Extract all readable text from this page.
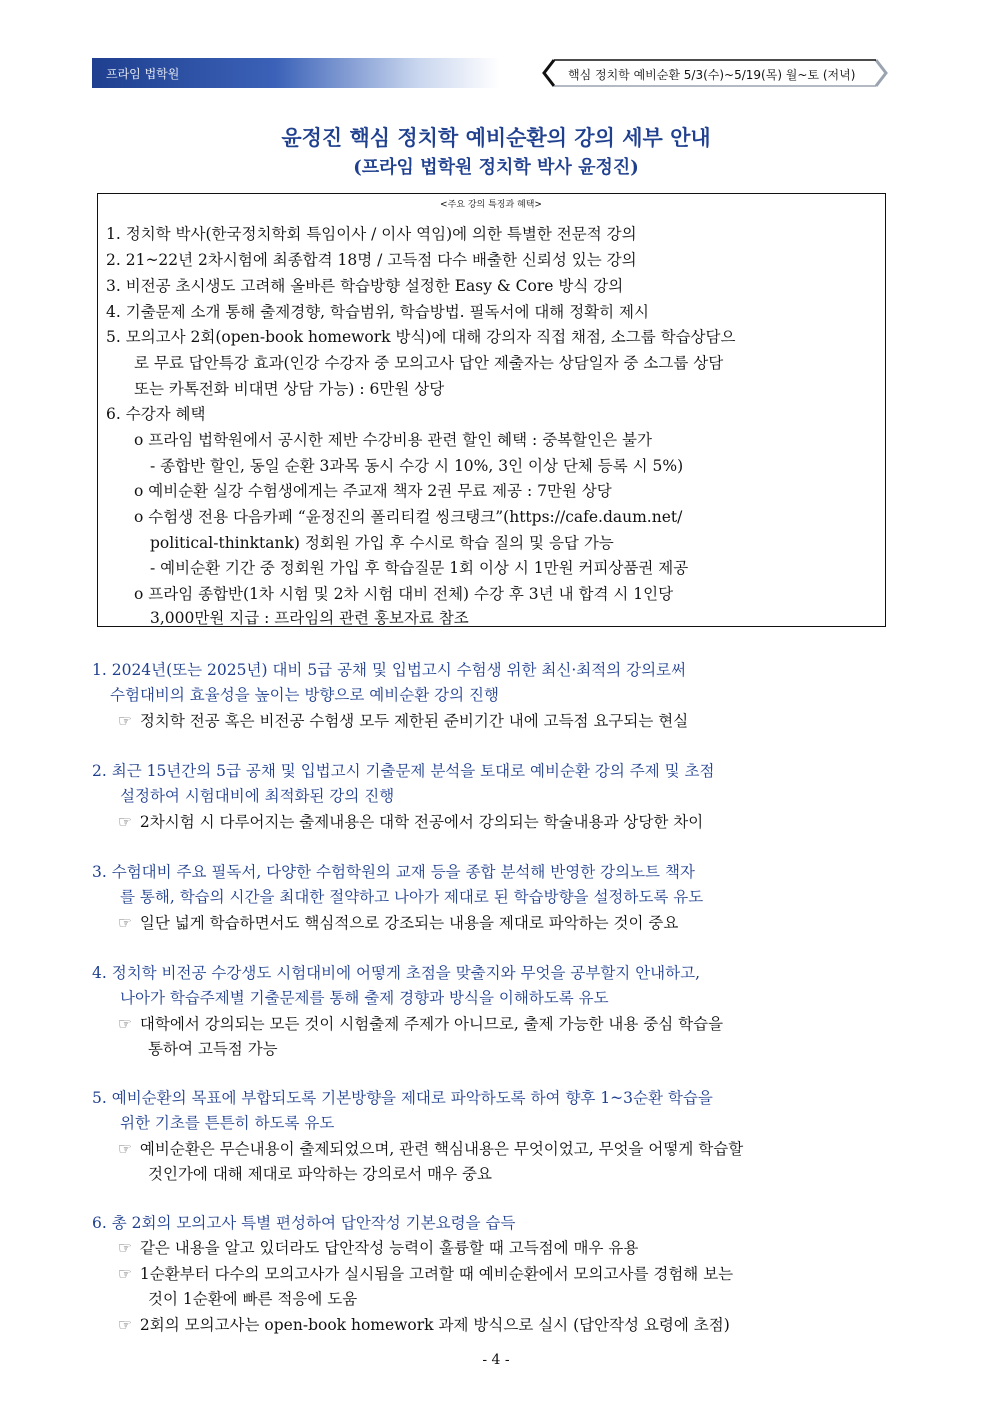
프라임 법학원	핵심 정치학 예비순환 5/3(수)~5/19(목) 월~토 (저녁)
윤정진 핵심 정치학 예비순환의 강의 세부 안내
(프라임 법학원 정치학 박사 윤정진)
<주요 강의 특징과 혜택>
1. 정치학 박사(한국정치학회 특임이사 / 이사 역임)에 의한 특별한 전문적 강의
2. 21~22년 2차시험에 최종합격 18명 / 고득점 다수 배출한 신뢰성 있는 강의
3. 비전공 초시생도 고려해 올바른 학습방향 설정한 Easy & Core 방식 강의
4. 기출문제 소개 통해 출제경향, 학습범위, 학습방법. 필독서에 대해 정확히 제시
5. 모의고사 2회(open-book homework 방식)에 대해 강의자 직접 채점, 소그룹 학습상담으
로 무료 답안특강 효과(인강 수강자 중 모의고사 답안 제출자는 상담일자 중 소그룹 상담
또는 카톡전화 비대면 상담 가능) : 6만원 상당
6. 수강자 혜택
o 프라임 법학원에서 공시한 제반 수강비용 관련 할인 혜택 : 중복할인은 불가
- 종합반 할인, 동일 순환 3과목 동시 수강 시 10%, 3인 이상 단체 등록 시 5%)
o 예비순환 실강 수험생에게는 주교재 책자 2권 무료 제공 : 7만원 상당
o 수험생 전용 다음카페 “윤정진의 폴리티컬 씽크탱크”(https://cafe.daum.net/
political-thinktank) 정회원 가입 후 수시로 학습 질의 및 응답 가능
- 예비순환 기간 중 정회원 가입 후 학습질문 1회 이상 시 1만원 커피상품권 제공
o 프라임 종합반(1차 시험 및 2차 시험 대비 전체) 수강 후 3년 내 합격 시 1인당
3,000만원 지급 : 프라임의 관련 홍보자료 참조
1. 2024년(또는 2025년) 대비 5급 공채 및 입법고시 수험생 위한 최신·최적의 강의로써
수험대비의 효율성을 높이는 방향으로 예비순환 강의 진행
☞ 정치학 전공 혹은 비전공 수험생 모두 제한된 준비기간 내에 고득점 요구되는 현실
2. 최근 15년간의 5급 공채 및 입법고시 기출문제 분석을 토대로 예비순환 강의 주제 및 초점
설정하여 시험대비에 최적화된 강의 진행
☞ 2차시험 시 다루어지는 출제내용은 대학 전공에서 강의되는 학술내용과 상당한 차이
3. 수험대비 주요 필독서, 다양한 수험학원의 교재 등을 종합 분석해 반영한 강의노트 책자
를 통해, 학습의 시간을 최대한 절약하고 나아가 제대로 된 학습방향을 설정하도록 유도
☞ 일단 넓게 학습하면서도 핵심적으로 강조되는 내용을 제대로 파악하는 것이 중요
4. 정치학 비전공 수강생도 시험대비에 어떻게 초점을 맞출지와 무엇을 공부할지 안내하고,
나아가 학습주제별 기출문제를 통해 출제 경향과 방식을 이해하도록 유도
☞ 대학에서 강의되는 모든 것이 시험출제 주제가 아니므로, 출제 가능한 내용 중심 학습을
통하여 고득점 가능
5. 예비순환의 목표에 부합되도록 기본방향을 제대로 파악하도록 하여 향후 1~3순환 학습을
위한 기초를 튼튼히 하도록 유도
☞ 예비순환은 무슨내용이 출제되었으며, 관련 핵심내용은 무엇이었고, 무엇을 어떻게 학습할
것인가에 대해 제대로 파악하는 강의로서 매우 중요
6. 총 2회의 모의고사 특별 편성하여 답안작성 기본요령을 습득
☞ 같은 내용을 알고 있더라도 답안작성 능력이 훌륭할 때 고득점에 매우 유용
☞ 1순환부터 다수의 모의고사가 실시됨을 고려할 때 예비순환에서 모의고사를 경험해 보는
것이 1순환에 빠른 적응에 도움
☞ 2회의 모의고사는 open-book homework 과제 방식으로 실시 (답안작성 요령에 초점)
- 4 -
